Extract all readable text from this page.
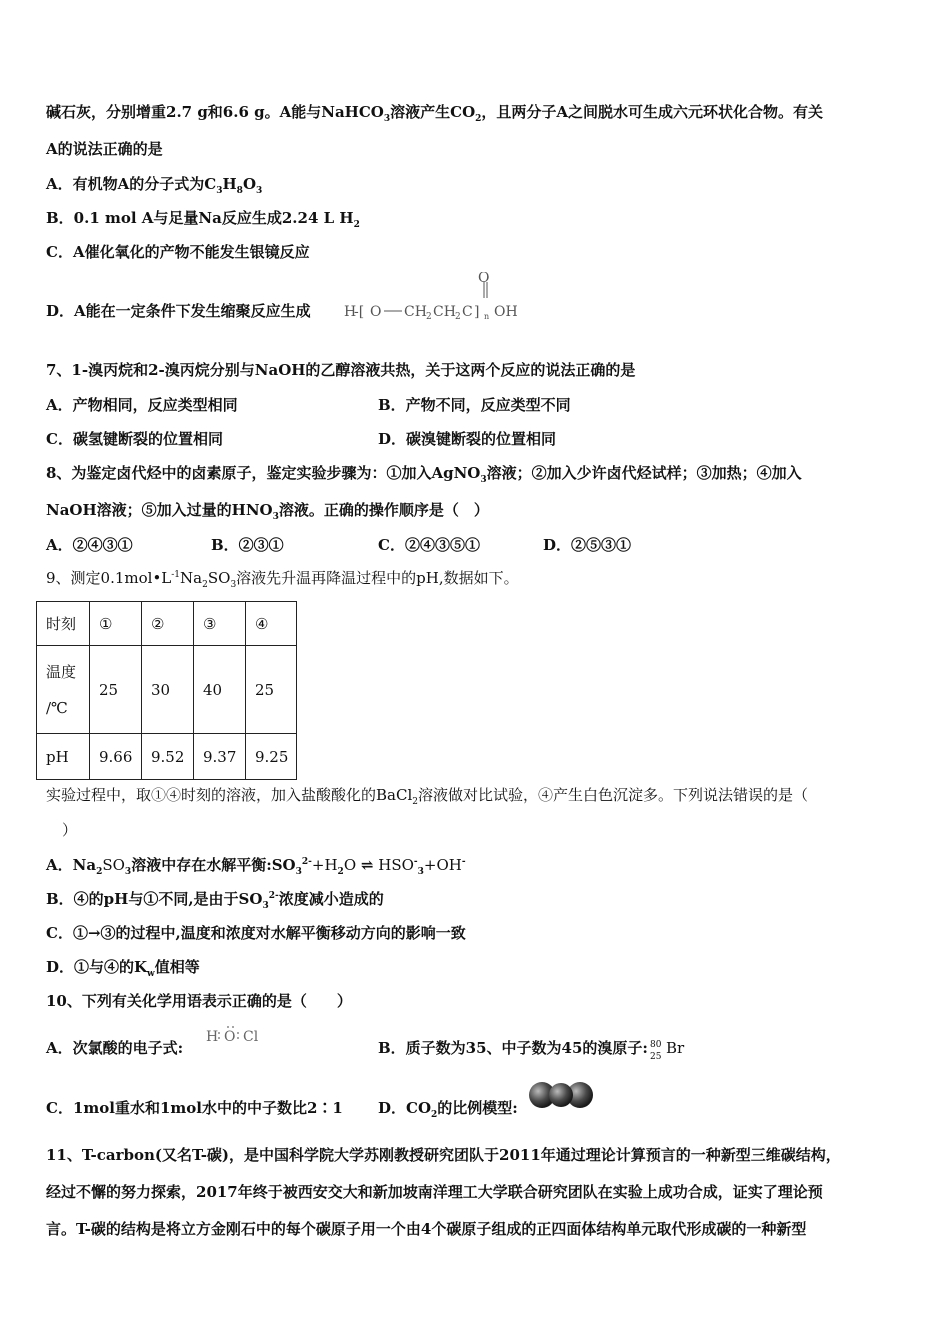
碱石灰，分别增重2.7 g和6.6 g。A能与NaHCO$_3$溶液产生$CO_2$，且两分子A之间脱水可生成六元环状化合物。有关
A的说法正确的是
A．有机物A的分子式为$C_3H_8O_3$
B．0.1 mol A与足量Na反应生成2.24 L $H_2$
C．A催化氧化的产物不能发生银镜反应
D．A能在一定条件下发生缩聚反应生成 H
-[ O CH 2 CH 2 C
O
] n OH
7、1-溴丙烷和2-溴丙烷分别与NaOH的乙醇溶液共热，关于这两个反应的说法正确的是
A．产物相同，反应类型相同	B．产物不同，反应类型不同
C．碳氢键断裂的位置相同	D．碳溴键断裂的位置相同
8、为鉴定卤代烃中的卤素原子，鉴定实验步骤为：①加入AgNO$_3$溶液；②加入少许卤代烃试样；③加热；④加入
NaOH溶液；⑤加入过量的$HNO_3$溶液。正确的操作顺序是（　）
A．②④③①	B．②③①	C．②④③⑤①	D．②⑤③①
9、测定$0.1mol•L^{-1}Na_2SO_3$溶液先升温再降温过程中的pH,数据如下。
时刻	①	②	③	④

温度
/℃	25	30	40	25
pH	9.66	9.52	9.37	9.25
实验过程中，取①④时刻的溶液，加入盐酸酸化的BaCl$_2$溶液做对比试验，④产生白色沉淀多。下列说法错误的是（
）
A．$Na_2SO_3$溶液中存在水解平衡$:SO_3^{2-}+H_2O$ ⇌ $HSO^-_3+OH^-$
B．④的pH与①不同,是由于$SO_3^{2-}$浓度减小造成的
C．①→③的过程中,温度和浓度对水解平衡移动方向的影响一致
D．①与④的$K_w$值相等
10、下列有关化学用语表示正确的是（　　）
A．次氯酸的电子式:
H O Cl
B．质子数为35、中子数为45的溴原子: 80
25 Br
C．1mol重水和1mol水中的中子数比2∶1 D．$CO_2$的比例模型:
11、T-carbon(又名T-碳)，是中国科学院大学苏刚教授研究团队于2011年通过理论计算预言的一种新型三维碳结构，
经过不懈的努力探索，2017年终于被西安交大和新加坡南洋理工大学联合研究团队在实验上成功合成，证实了理论预
言。T-碳的结构是将立方金刚石中的每个碳原子用一个由4个碳原子组成的正四面体结构单元取代形成碳的一种新型
